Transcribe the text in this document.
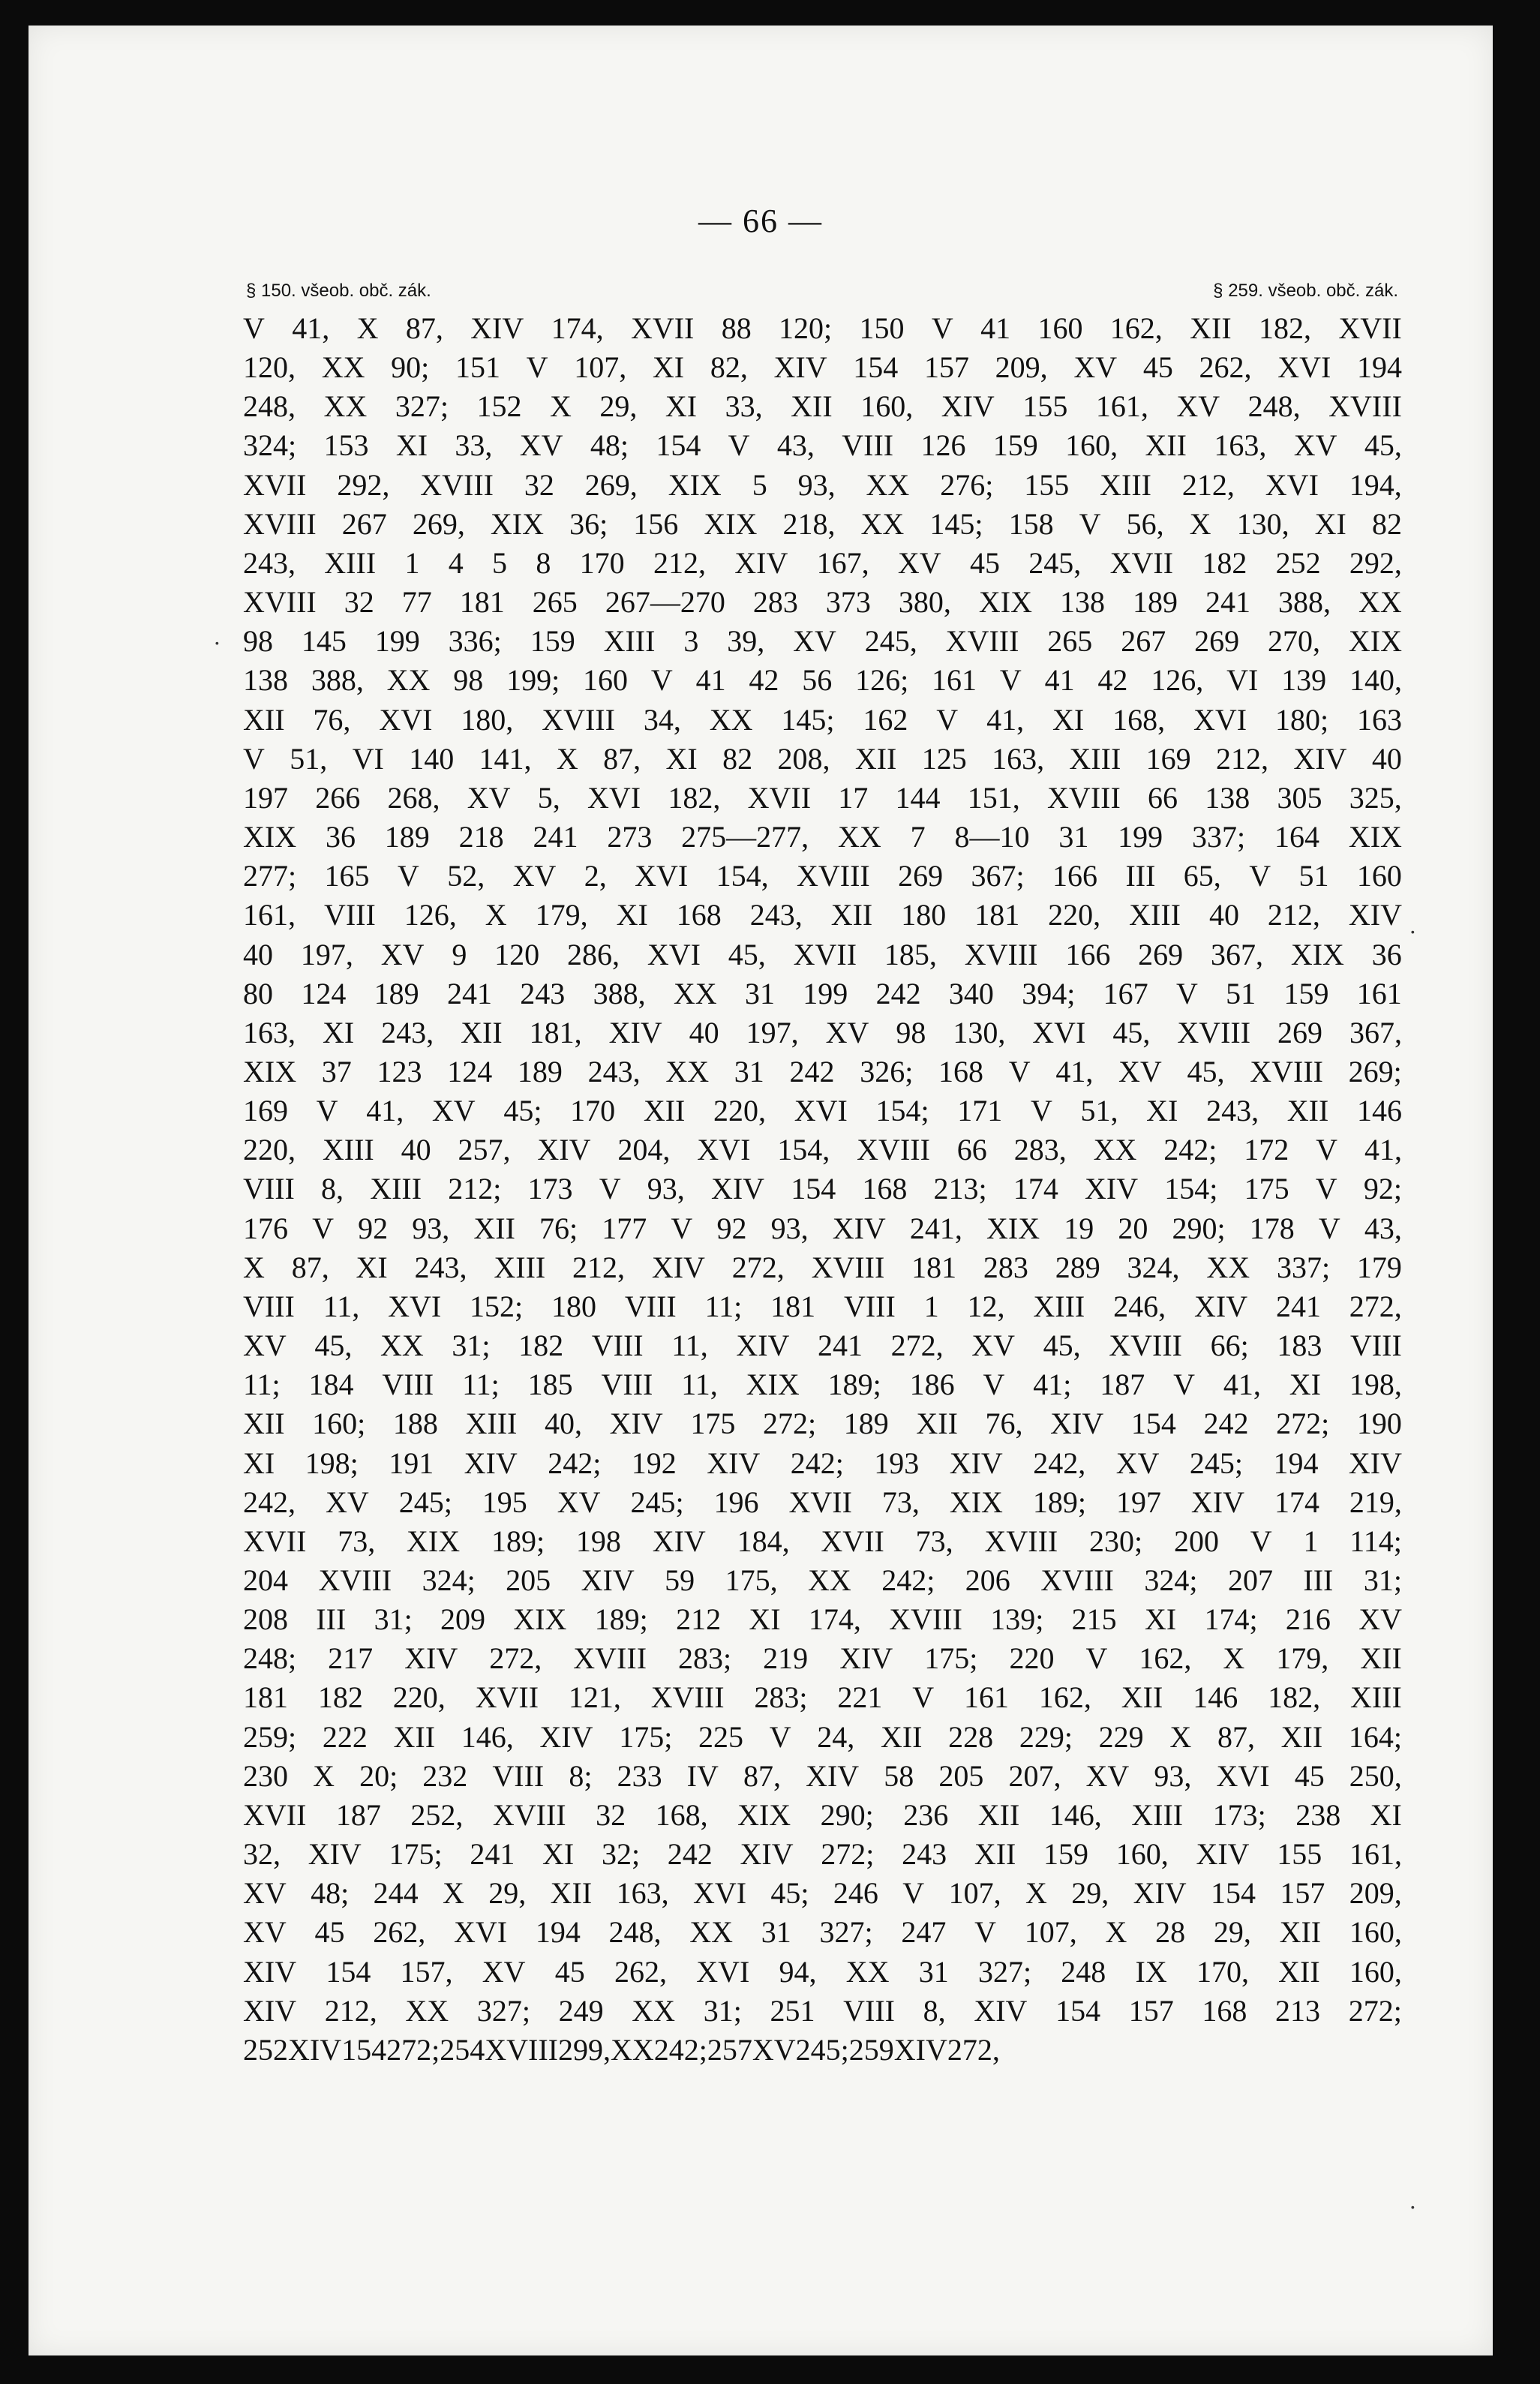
— 66 —
§ 150. všeob. obč. zák.	§ 259. všeob. obč. zák.
V 41, X 87, XIV 174, XVII 88 120; 150 V 41 160 162, XII 182, XVII
120, XX 90; 151 V 107, XI 82, XIV 154 157 209, XV 45 262, XVI 194
248, XX 327; 152 X 29, XI 33, XII 160, XIV 155 161, XV 248, XVIII
324; 153 XI 33, XV 48; 154 V 43, VIII 126 159 160, XII 163, XV 45,
XVII 292, XVIII 32 269, XIX 5 93, XX 276; 155 XIII 212, XVI 194,
XVIII 267 269, XIX 36; 156 XIX 218, XX 145; 158 V 56, X 130, XI 82
243, XIII 1 4 5 8 170 212, XIV 167, XV 45 245, XVII 182 252 292,
XVIII 32 77 181 265 267—270 283 373 380, XIX 138 189 241 388, XX
98 145 199 336; 159 XIII 3 39, XV 245, XVIII 265 267 269 270, XIX
138 388, XX 98 199; 160 V 41 42 56 126; 161 V 41 42 126, VI 139 140,
XII 76, XVI 180, XVIII 34, XX 145; 162 V 41, XI 168, XVI 180; 163
V 51, VI 140 141, X 87, XI 82 208, XII 125 163, XIII 169 212, XIV 40
197 266 268, XV 5, XVI 182, XVII 17 144 151, XVIII 66 138 305 325,
XIX 36 189 218 241 273 275—277, XX 7 8—10 31 199 337; 164 XIX
277; 165 V 52, XV 2, XVI 154, XVIII 269 367; 166 III 65, V 51 160
161, VIII 126, X 179, XI 168 243, XII 180 181 220, XIII 40 212, XIV
40 197, XV 9 120 286, XVI 45, XVII 185, XVIII 166 269 367, XIX 36
80 124 189 241 243 388, XX 31 199 242 340 394; 167 V 51 159 161
163, XI 243, XII 181, XIV 40 197, XV 98 130, XVI 45, XVIII 269 367,
XIX 37 123 124 189 243, XX 31 242 326; 168 V 41, XV 45, XVIII 269;
169 V 41, XV 45; 170 XII 220, XVI 154; 171 V 51, XI 243, XII 146
220, XIII 40 257, XIV 204, XVI 154, XVIII 66 283, XX 242; 172 V 41,
VIII 8, XIII 212; 173 V 93, XIV 154 168 213; 174 XIV 154; 175 V 92;
176 V 92 93, XII 76; 177 V 92 93, XIV 241, XIX 19 20 290; 178 V 43,
X 87, XI 243, XIII 212, XIV 272, XVIII 181 283 289 324, XX 337; 179
VIII 11, XVI 152; 180 VIII 11; 181 VIII 1 12, XIII 246, XIV 241 272,
XV 45, XX 31; 182 VIII 11, XIV 241 272, XV 45, XVIII 66; 183 VIII
11; 184 VIII 11; 185 VIII 11, XIX 189; 186 V 41; 187 V 41, XI 198,
XII 160; 188 XIII 40, XIV 175 272; 189 XII 76, XIV 154 242 272; 190
XI 198; 191 XIV 242; 192 XIV 242; 193 XIV 242, XV 245; 194 XIV
242, XV 245; 195 XV 245; 196 XVII 73, XIX 189; 197 XIV 174 219,
XVII 73, XIX 189; 198 XIV 184, XVII 73, XVIII 230; 200 V 1 114;
204 XVIII 324; 205 XIV 59 175, XX 242; 206 XVIII 324; 207 III 31;
208 III 31; 209 XIX 189; 212 XI 174, XVIII 139; 215 XI 174; 216 XV
248; 217 XIV 272, XVIII 283; 219 XIV 175; 220 V 162, X 179, XII
181 182 220, XVII 121, XVIII 283; 221 V 161 162, XII 146 182, XIII
259; 222 XII 146, XIV 175; 225 V 24, XII 228 229; 229 X 87, XII 164;
230 X 20; 232 VIII 8; 233 IV 87, XIV 58 205 207, XV 93, XVI 45 250,
XVII 187 252, XVIII 32 168, XIX 290; 236 XII 146, XIII 173; 238 XI
32, XIV 175; 241 XI 32; 242 XIV 272; 243 XII 159 160, XIV 155 161,
XV 48; 244 X 29, XII 163, XVI 45; 246 V 107, X 29, XIV 154 157 209,
XV 45 262, XVI 194 248, XX 31 327; 247 V 107, X 28 29, XII 160,
XIV 154 157, XV 45 262, XVI 94, XX 31 327; 248 IX 170, XII 160,
XIV 212, XX 327; 249 XX 31; 251 VIII 8, XIV 154 157 168 213 272;
252 XIV 154 272; 254 XVIII 299, XX 242; 257 XV 245; 259 XIV 272,
·
·
·
